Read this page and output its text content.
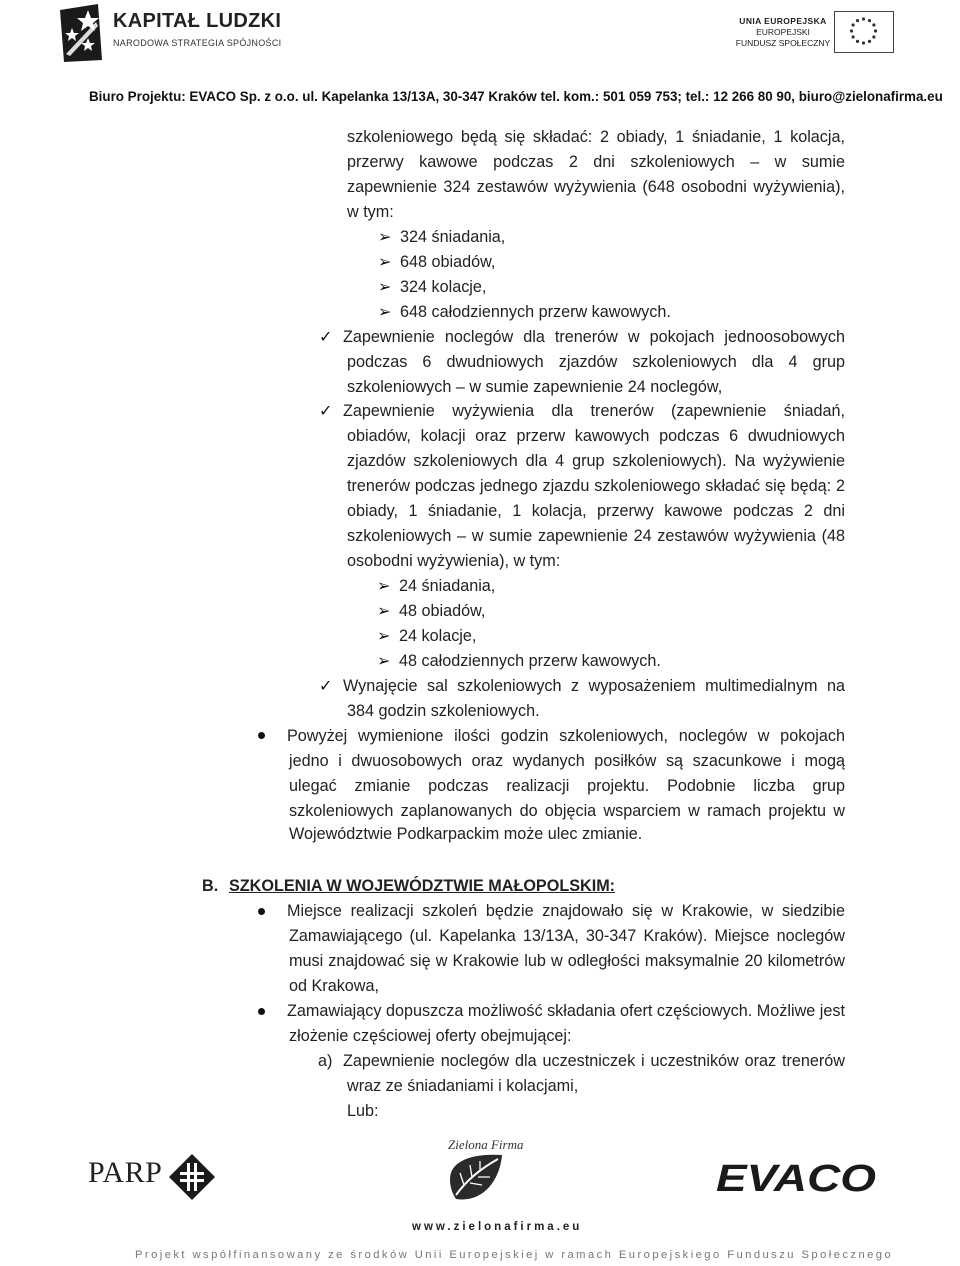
KAPITAŁ LUDZKI
NARODOWA STRATEGIA SPÓJNOŚCI
UNIA EUROPEJSKA
EUROPEJSKI
FUNDUSZ SPOŁECZNY
Biuro Projektu: EVACO Sp. z o.o. ul. Kapelanka 13/13A, 30-347 Kraków tel. kom.: 501 059 753; tel.: 12 266 80 90, biuro@zielonafirma.eu
szkoleniowego będą się składać: 2 obiady, 1 śniadanie, 1 kolacja,
przerwy kawowe podczas 2 dni szkoleniowych – w sumie
zapewnienie 324 zestawów wyżywienia (648 osobodni wyżywienia),
w tym:
➢ 324 śniadania,
➢ 648 obiadów,
➢ 324 kolacje,
➢ 648 całodziennych przerw kawowych.
✓ Zapewnienie noclegów dla trenerów w pokojach jednoosobowych
podczas 6 dwudniowych zjazdów szkoleniowych dla 4 grup
szkoleniowych – w sumie zapewnienie 24 noclegów,
✓ Zapewnienie wyżywienia dla trenerów (zapewnienie śniadań,
obiadów, kolacji oraz przerw kawowych podczas 6 dwudniowych
zjazdów szkoleniowych dla 4 grup szkoleniowych). Na wyżywienie
trenerów podczas jednego zjazdu szkoleniowego składać się będą: 2
obiady, 1 śniadanie, 1 kolacja, przerwy kawowe podczas 2 dni
szkoleniowych – w sumie zapewnienie 24 zestawów wyżywienia (48
osobodni wyżywienia), w tym:
➢ 24 śniadania,
➢ 48 obiadów,
➢ 24 kolacje,
➢ 48 całodziennych przerw kawowych.
✓ Wynajęcie sal szkoleniowych z wyposażeniem multimedialnym na
384 godzin szkoleniowych.
Powyżej wymienione ilości godzin szkoleniowych, noclegów w pokojach
jedno i dwuosobowych oraz wydanych posiłków są szacunkowe i mogą
ulegać zmianie podczas realizacji projektu. Podobnie liczba grup
szkoleniowych zaplanowanych do objęcia wsparciem w ramach projektu w
Województwie Podkarpackim może ulec zmianie.
B. SZKOLENIA W WOJEWÓDZTWIE MAŁOPOLSKIM:
Miejsce realizacji szkoleń będzie znajdowało się w Krakowie, w siedzibie
Zamawiającego (ul. Kapelanka 13/13A, 30-347 Kraków). Miejsce noclegów
musi znajdować się w Krakowie lub w odległości maksymalnie 20 kilometrów
od Krakowa,
Zamawiający dopuszcza możliwość składania ofert częściowych. Możliwe jest
złożenie częściowej oferty obejmującej:
a) Zapewnienie noclegów dla uczestniczek i uczestników oraz trenerów
wraz ze śniadaniami i kolacjami,
Lub:
PARP
Zielona Firma
www.zielonafirma.eu
EVACO
Projekt współfinansowany ze środków Unii Europejskiej w ramach Europejskiego Funduszu Społecznego
